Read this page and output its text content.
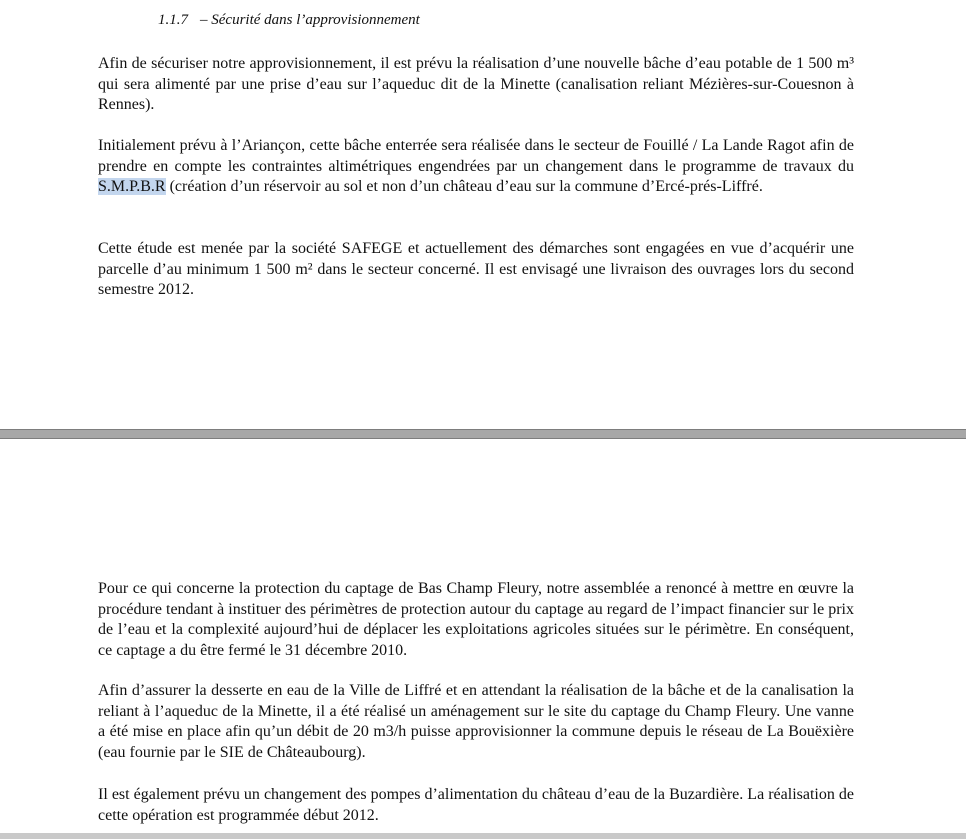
1.1.7 – Sécurité dans l’approvisionnement

Afin de sécuriser notre approvisionnement, il est prévu la réalisation d’une nouvelle bâche d’eau potable de 1 500 m³ qui sera alimenté par une prise d’eau sur l’aqueduc dit de la Minette (canalisation reliant Mézières-sur-Couesnon à Rennes).

Initialement prévu à l’Ariançon, cette bâche enterrée sera réalisée dans le secteur de Fouillé / La Lande Ragot afin de prendre en compte les contraintes altimétriques engendrées par un changement dans le programme de travaux du S.M.P.B.R (création d’un réservoir au sol et non d’un château d’eau sur la commune d’Ercé-prés-Liffré.

Cette étude est menée par la société SAFEGE et actuellement des démarches sont engagées en vue d’acquérir une parcelle d’au minimum 1 500 m² dans le secteur concerné. Il est envisagé une livraison des ouvrages lors du second semestre 2012.

Pour ce qui concerne la protection du captage de Bas Champ Fleury, notre assemblée a renoncé à mettre en œuvre la procédure tendant à instituer des périmètres de protection autour du captage au regard de l’impact financier sur le prix de l’eau et la complexité aujourd’hui de déplacer les exploitations agricoles situées sur le périmètre. En conséquent, ce captage a du être fermé le 31 décembre 2010.

Afin d’assurer la desserte en eau de la Ville de Liffré et en attendant la réalisation de la bâche et de la canalisation la reliant à l’aqueduc de la Minette, il a été réalisé un aménagement sur le site du captage du Champ Fleury. Une vanne a été mise en place afin qu’un débit de 20 m3/h puisse approvisionner la commune depuis le réseau de La Bouëxière (eau fournie par le SIE de Châteaubourg).

Il est également prévu un changement des pompes d’alimentation du château d’eau de la Buzardière. La réalisation de cette opération est programmée début 2012.
